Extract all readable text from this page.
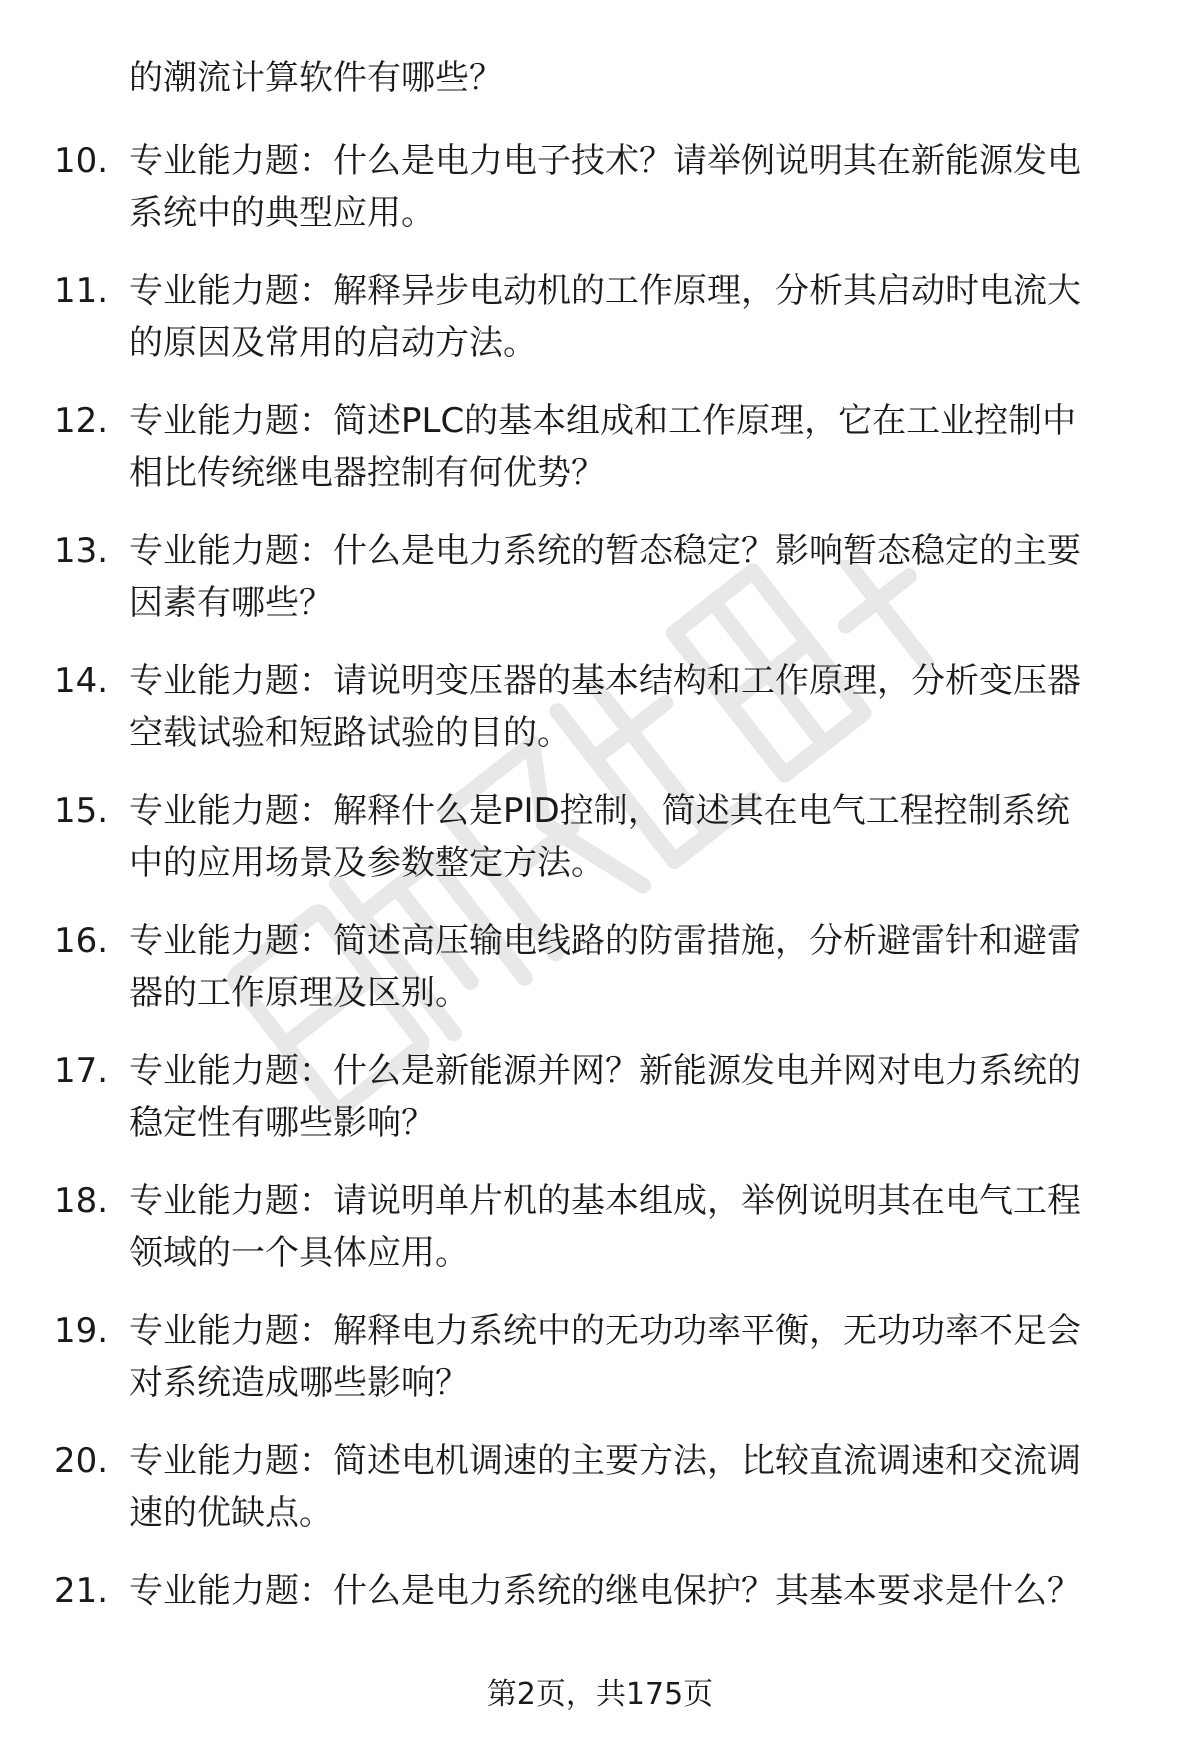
的潮流计算软件有哪些？
10. 专业能力题：什么是电力电子技术？请举例说明其在新能源发电
系统中的典型应用。
11. 专业能力题：解释异步电动机的工作原理，分析其启动时电流大
的原因及常用的启动方法。
12. 专业能力题：简述PLC的基本组成和工作原理，它在工业控制中
相比传统继电器控制有何优势？
13. 专业能力题：什么是电力系统的暂态稳定？影响暂态稳定的主要
因素有哪些？
14. 专业能力题：请说明变压器的基本结构和工作原理，分析变压器
空载试验和短路试验的目的。
15. 专业能力题：解释什么是PID控制，简述其在电气工程控制系统
中的应用场景及参数整定方法。
16. 专业能力题：简述高压输电线路的防雷措施，分析避雷针和避雷
器的工作原理及区别。
17. 专业能力题：什么是新能源并网？新能源发电并网对电力系统的
稳定性有哪些影响？
18. 专业能力题：请说明单片机的基本组成，举例说明其在电气工程
领域的一个具体应用。
19. 专业能力题：解释电力系统中的无功功率平衡，无功功率不足会
对系统造成哪些影响？
20. 专业能力题：简述电机调速的主要方法，比较直流调速和交流调
速的优缺点。
21. 专业能力题：什么是电力系统的继电保护？其基本要求是什么？
第2页，共175页
